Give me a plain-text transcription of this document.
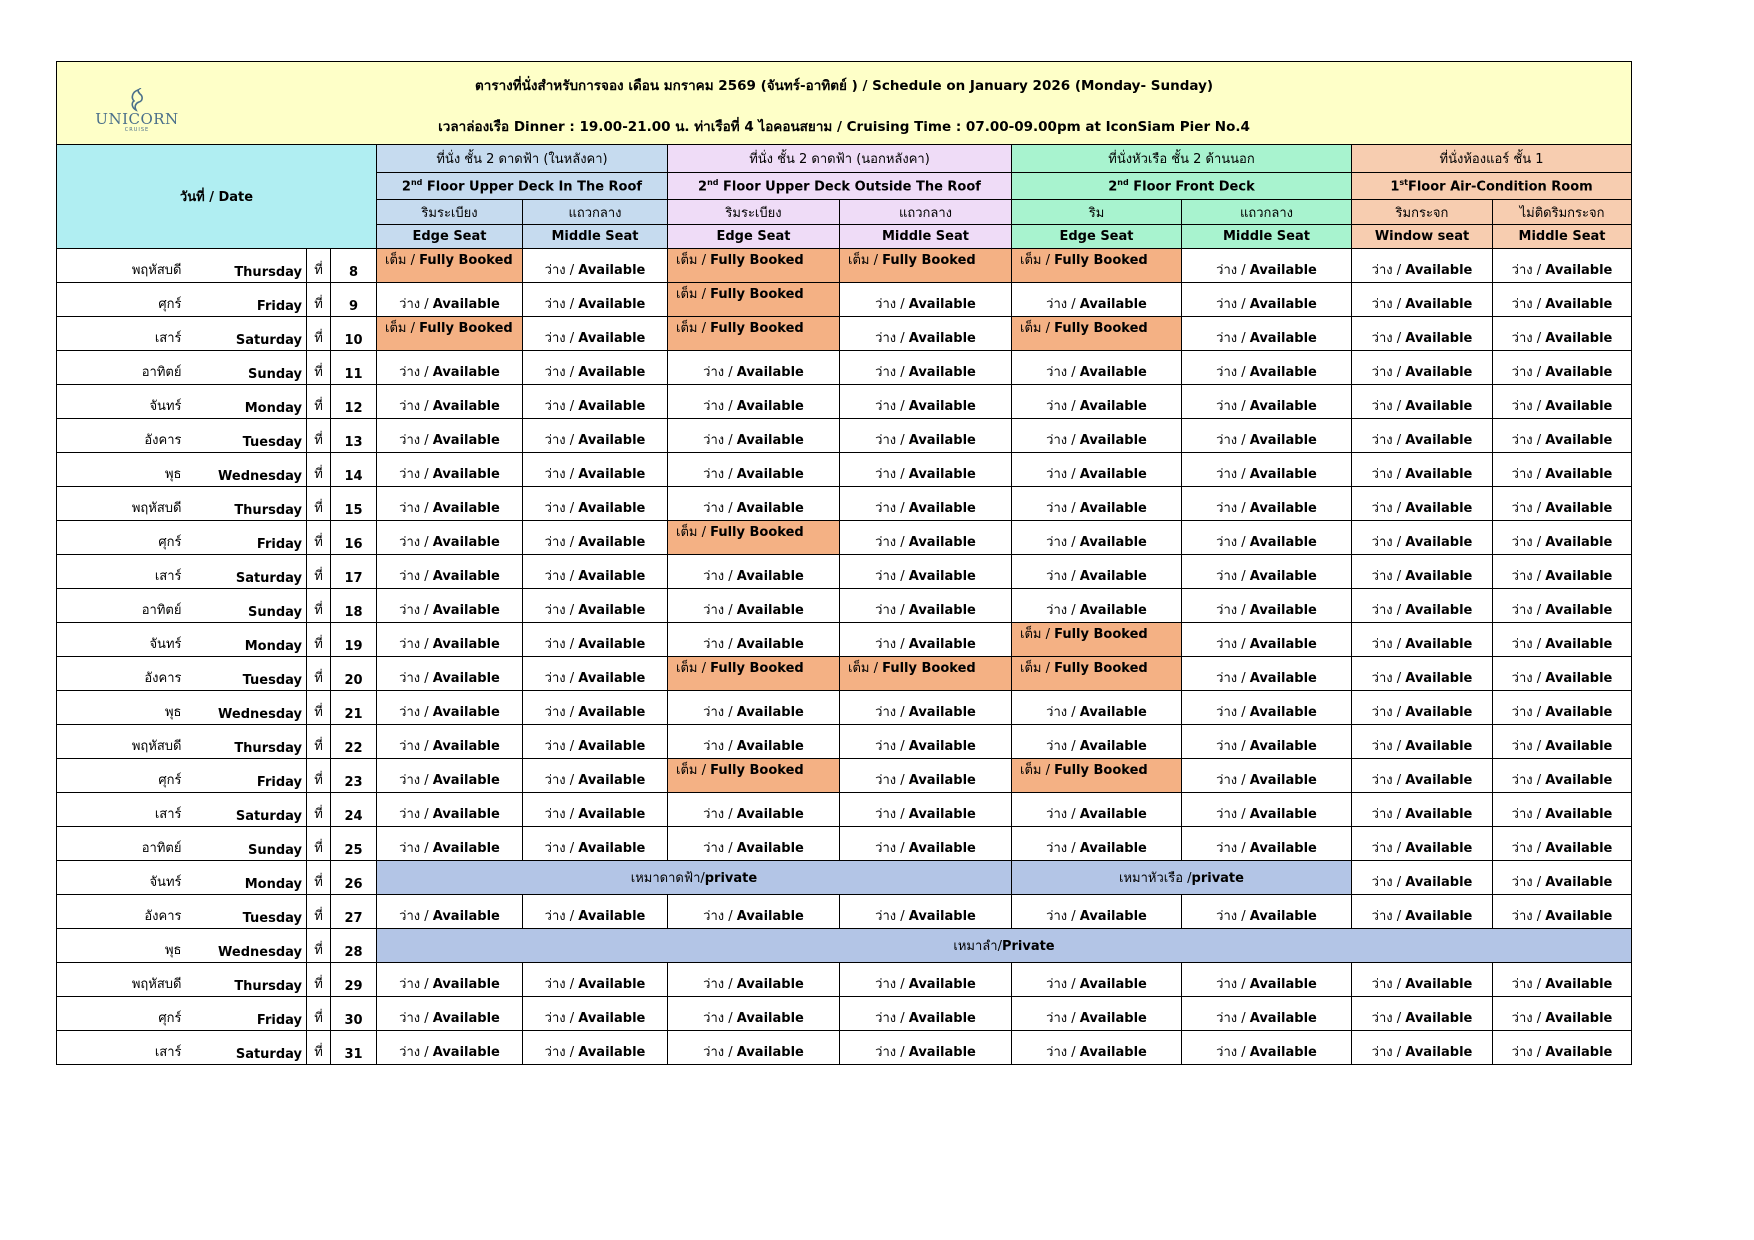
UNICORN
CRUISE
ตารางที่นั่งสำหรับการจอง เดือน มกราคม 2569 (จันทร์-อาทิตย์ ) / Schedule on January 2026 (Monday- Sunday)
เวลาล่องเรือ Dinner : 19.00-21.00 น. ท่าเรือที่ 4 ไอคอนสยาม / Cruising Time : 07.00-09.00pm at IconSiam Pier No.4											

วันที่ / Date				ที่นั่ง ชั้น 2 ดาดฟ้า (ในหลังคา)		ที่นั่ง ชั้น 2 ดาดฟ้า (นอกหลังคา)		ที่นั่งหัวเรือ ชั้น 2 ด้านนอก		ที่นั่งห้องแอร์ ชั้น 1	
				2nd Floor Upper Deck In The Roof		2nd Floor Upper Deck Outside The Roof		2nd Floor Front Deck		1stFloor Air-Condition Room	
				ริมระเบียง	แถวกลาง	ริมระเบียง	แถวกลาง	ริม	แถวกลาง	ริมกระจก	ไม่ติดริมกระจก
				Edge Seat	Middle Seat	Edge Seat	Middle Seat	Edge Seat	Middle Seat	Window seat	Middle Seat
พฤหัสบดี	Thursday	ที่	8	เต็ม / Fully Booked	ว่าง / Available	เต็ม / Fully Booked	เต็ม / Fully Booked	เต็ม / Fully Booked	ว่าง / Available	ว่าง / Available	ว่าง / Available
ศุกร์	Friday	ที่	9	ว่าง / Available	ว่าง / Available	เต็ม / Fully Booked	ว่าง / Available	ว่าง / Available	ว่าง / Available	ว่าง / Available	ว่าง / Available
เสาร์	Saturday	ที่	10	เต็ม / Fully Booked	ว่าง / Available	เต็ม / Fully Booked	ว่าง / Available	เต็ม / Fully Booked	ว่าง / Available	ว่าง / Available	ว่าง / Available
อาทิตย์	Sunday	ที่	11	ว่าง / Available	ว่าง / Available	ว่าง / Available	ว่าง / Available	ว่าง / Available	ว่าง / Available	ว่าง / Available	ว่าง / Available
จันทร์	Monday	ที่	12	ว่าง / Available	ว่าง / Available	ว่าง / Available	ว่าง / Available	ว่าง / Available	ว่าง / Available	ว่าง / Available	ว่าง / Available
อังคาร	Tuesday	ที่	13	ว่าง / Available	ว่าง / Available	ว่าง / Available	ว่าง / Available	ว่าง / Available	ว่าง / Available	ว่าง / Available	ว่าง / Available
พุธ	Wednesday	ที่	14	ว่าง / Available	ว่าง / Available	ว่าง / Available	ว่าง / Available	ว่าง / Available	ว่าง / Available	ว่าง / Available	ว่าง / Available
พฤหัสบดี	Thursday	ที่	15	ว่าง / Available	ว่าง / Available	ว่าง / Available	ว่าง / Available	ว่าง / Available	ว่าง / Available	ว่าง / Available	ว่าง / Available
ศุกร์	Friday	ที่	16	ว่าง / Available	ว่าง / Available	เต็ม / Fully Booked	ว่าง / Available	ว่าง / Available	ว่าง / Available	ว่าง / Available	ว่าง / Available
เสาร์	Saturday	ที่	17	ว่าง / Available	ว่าง / Available	ว่าง / Available	ว่าง / Available	ว่าง / Available	ว่าง / Available	ว่าง / Available	ว่าง / Available
อาทิตย์	Sunday	ที่	18	ว่าง / Available	ว่าง / Available	ว่าง / Available	ว่าง / Available	ว่าง / Available	ว่าง / Available	ว่าง / Available	ว่าง / Available
จันทร์	Monday	ที่	19	ว่าง / Available	ว่าง / Available	ว่าง / Available	ว่าง / Available	เต็ม / Fully Booked	ว่าง / Available	ว่าง / Available	ว่าง / Available
อังคาร	Tuesday	ที่	20	ว่าง / Available	ว่าง / Available	เต็ม / Fully Booked	เต็ม / Fully Booked	เต็ม / Fully Booked	ว่าง / Available	ว่าง / Available	ว่าง / Available
พุธ	Wednesday	ที่	21	ว่าง / Available	ว่าง / Available	ว่าง / Available	ว่าง / Available	ว่าง / Available	ว่าง / Available	ว่าง / Available	ว่าง / Available
พฤหัสบดี	Thursday	ที่	22	ว่าง / Available	ว่าง / Available	ว่าง / Available	ว่าง / Available	ว่าง / Available	ว่าง / Available	ว่าง / Available	ว่าง / Available
ศุกร์	Friday	ที่	23	ว่าง / Available	ว่าง / Available	เต็ม / Fully Booked	ว่าง / Available	เต็ม / Fully Booked	ว่าง / Available	ว่าง / Available	ว่าง / Available
เสาร์	Saturday	ที่	24	ว่าง / Available	ว่าง / Available	ว่าง / Available	ว่าง / Available	ว่าง / Available	ว่าง / Available	ว่าง / Available	ว่าง / Available
อาทิตย์	Sunday	ที่	25	ว่าง / Available	ว่าง / Available	ว่าง / Available	ว่าง / Available	ว่าง / Available	ว่าง / Available	ว่าง / Available	ว่าง / Available
จันทร์	Monday	ที่	26	เหมาดาดฟ้า/private				เหมาหัวเรือ /private		ว่าง / Available	ว่าง / Available
อังคาร	Tuesday	ที่	27	ว่าง / Available	ว่าง / Available	ว่าง / Available	ว่าง / Available	ว่าง / Available	ว่าง / Available	ว่าง / Available	ว่าง / Available
พุธ	Wednesday	ที่	28	เหมาลำ/Private							
พฤหัสบดี	Thursday	ที่	29	ว่าง / Available	ว่าง / Available	ว่าง / Available	ว่าง / Available	ว่าง / Available	ว่าง / Available	ว่าง / Available	ว่าง / Available
ศุกร์	Friday	ที่	30	ว่าง / Available	ว่าง / Available	ว่าง / Available	ว่าง / Available	ว่าง / Available	ว่าง / Available	ว่าง / Available	ว่าง / Available
เสาร์	Saturday	ที่	31	ว่าง / Available	ว่าง / Available	ว่าง / Available	ว่าง / Available	ว่าง / Available	ว่าง / Available	ว่าง / Available	ว่าง / Available
